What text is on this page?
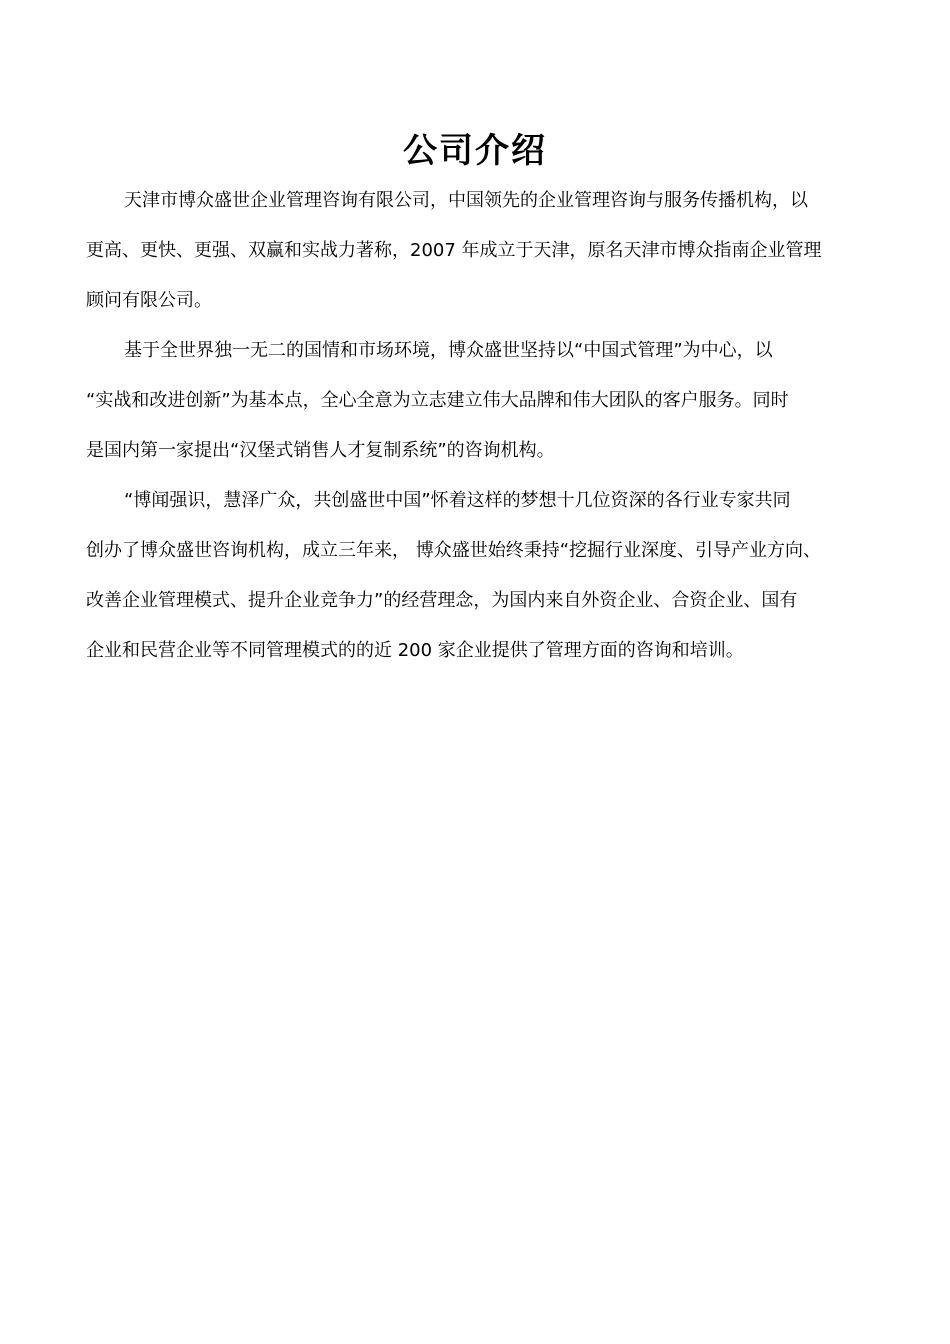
公司介绍
天津市博众盛世企业管理咨询有限公司，中国领先的企业管理咨询与服务传播机构，以
更高、更快、更强、双赢和实战力著称，2007 年成立于天津，原名天津市博众指南企业管理
顾问有限公司。
基于全世界独一无二的国情和市场环境，博众盛世坚持以“中国式管理”为中心，以
“实战和改进创新”为基本点，全心全意为立志建立伟大品牌和伟大团队的客户服务。同时
是国内第一家提出“汉堡式销售人才复制系统”的咨询机构。
“博闻强识，慧泽广众，共创盛世中国”怀着这样的梦想十几位资深的各行业专家共同
创办了博众盛世咨询机构，成立三年来， 博众盛世始终秉持“挖掘行业深度、引导产业方向、
改善企业管理模式、提升企业竞争力”的经营理念，为国内来自外资企业、合资企业、国有
企业和民营企业等不同管理模式的的近 200 家企业提供了管理方面的咨询和培训。
